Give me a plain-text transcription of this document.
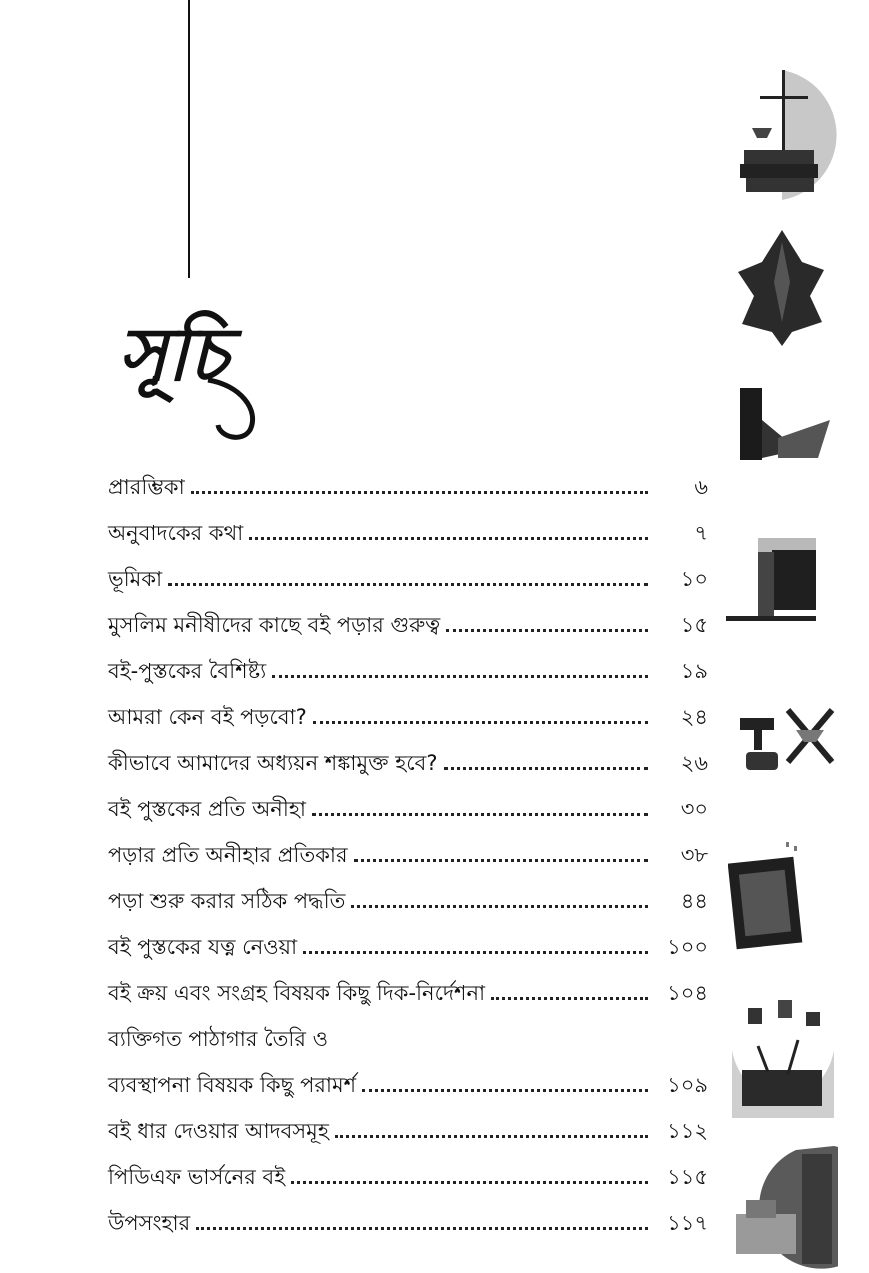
সূচি
প্রারম্ভিকা	৬
অনুবাদকের কথা	৭
ভূমিকা	১০
মুসলিম মনীষীদের কাছে বই পড়ার গুরুত্ব	১৫
বই-পুস্তকের বৈশিষ্ট্য	১৯
আমরা কেন বই পড়বো?	২৪
কীভাবে আমাদের অধ্যয়ন শঙ্কামুক্ত হবে?	২৬
বই পুস্তকের প্রতি অনীহা	৩০
পড়ার প্রতি অনীহার প্রতিকার	৩৮
পড়া শুরু করার সঠিক পদ্ধতি	৪৪
বই পুস্তকের যত্ন নেওয়া	১০০
বই ক্রয় এবং সংগ্রহ বিষয়ক কিছু দিক-নির্দেশনা	১০৪
ব্যক্তিগত পাঠাগার তৈরি ও
ব্যবস্থাপনা বিষয়ক কিছু পরামর্শ	১০৯
বই ধার দেওয়ার আদবসমূহ	১১২
পিডিএফ ভার্সনের বই	১১৫
উপসংহার	১১৭
